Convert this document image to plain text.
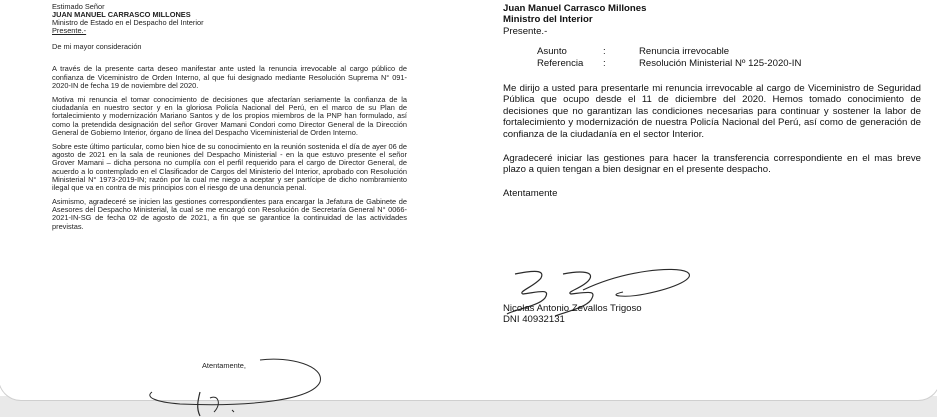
Estimado Señor
JUAN MANUEL CARRASCO MILLONES
Ministro de Estado en el Despacho del Interior
Presente.-

De mi mayor consideración

A través de la presente carta deseo manifestar ante usted la renuncia irrevocable al cargo público de confianza de Viceministro de Orden Interno, al que fui designado mediante Resolución Suprema N° 091-2020-IN de fecha 19 de noviembre del 2020.

Motiva mi renuncia el tomar conocimiento de decisiones que afectarían seriamente la confianza de la ciudadanía en nuestro sector y en la gloriosa Policía Nacional del Perú, en el marco de su Plan de fortalecimiento y modernización Mariano Santos y de los propios miembros de la PNP han formulado, así como la pretendida designación del señor Grover Mamani Condori como Director General de la Dirección General de Gobierno Interior, órgano de línea del Despacho Viceministerial de Orden Interno.

Sobre este último particular, como bien hice de su conocimiento en la reunión sostenida el día de ayer 06 de agosto de 2021 en la sala de reuniones del Despacho Ministerial - en la que estuvo presente el señor Grover Mamani – dicha persona no cumplía con el perfil requerido para el cargo de Director General, de acuerdo a lo contemplado en el Clasificador de Cargos del Ministerio del Interior, aprobado con Resolución Ministerial N° 1973-2019-IN; razón por la cual me niego a aceptar y ser partícipe de dicho nombramiento ilegal que va en contra de mis principios con el riesgo de una denuncia penal.

Asimismo, agradeceré se inicien las gestiones correspondientes para encargar la Jefatura de Gabinete de Asesores del Despacho Ministerial, la cual se me encargó con Resolución de Secretaría General N° 0066-2021-IN-SG de fecha 02 de agosto de 2021, a fin que se garantice la continuidad de las actividades previstas.

Atentamente,
Juan Manuel Carrasco Millones
Ministro del Interior
Presente.-
Asunto	:	Renuncia irrevocable
Referencia	:	Resolución Ministerial Nº 125-2020-IN

Me dirijo a usted para presentarle mi renuncia irrevocable al cargo de Viceministro de Seguridad Pública que ocupo desde el 11 de diciembre del 2020. Hemos tomado conocimiento de decisiones que no garantizan las condiciones necesarias para continuar y sostener la labor de fortalecimiento y modernización de nuestra Policía Nacional del Perú, así como de generación de confianza de la ciudadanía en el sector Interior.

Agradeceré iniciar las gestiones para hacer la transferencia correspondiente en el mas breve plazo a quien tengan a bien designar en el presente despacho.

Atentamente

Nicolas Antonio Zevallos Trigoso
DNI 40932131
